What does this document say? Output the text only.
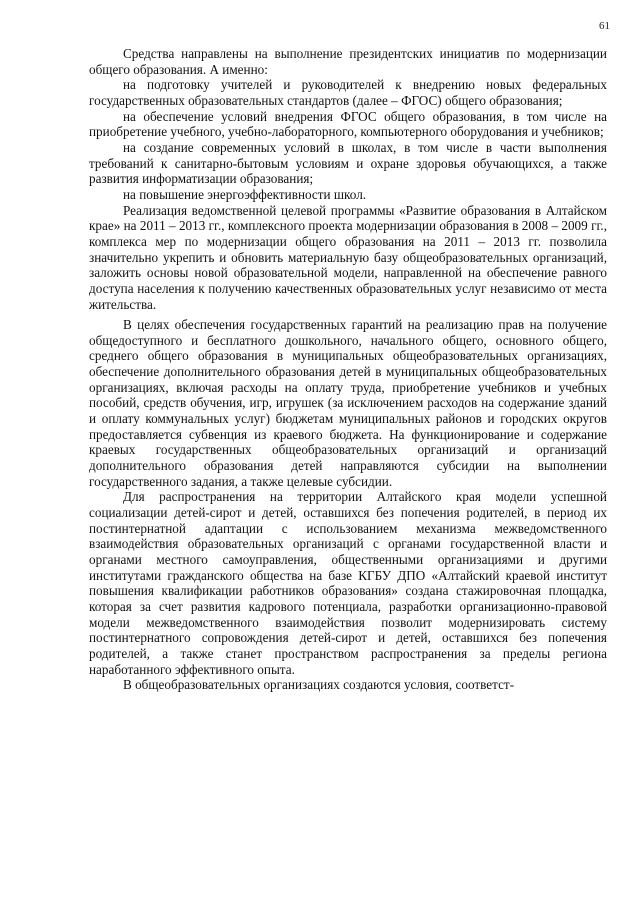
61

Средства направлены на выполнение президентских инициатив по модернизации общего образования. А именно:

на подготовку учителей и руководителей к внедрению новых федеральных государственных образовательных стандартов (далее – ФГОС) общего образования;

на обеспечение условий внедрения ФГОС общего образования, в том числе на приобретение учебного, учебно-лабораторного, компьютерного оборудования и учебников;

на создание современных условий в школах, в том числе в части выполнения требований к санитарно-бытовым условиям и охране здоровья обучающихся, а также развития информатизации образования;

на повышение энергоэффективности школ.

Реализация ведомственной целевой программы «Развитие образования в Алтайском крае» на 2011 – 2013 гг., комплексного проекта модернизации образования в 2008 – 2009 гг., комплекса мер по модернизации общего образования на 2011 – 2013 гг. позволила значительно укрепить и обновить материальную базу общеобразовательных организаций, заложить основы новой образовательной модели, направленной на обеспечение равного доступа населения к получению качественных образовательных услуг независимо от места жительства.

В целях обеспечения государственных гарантий на реализацию прав на получение общедоступного и бесплатного дошкольного, начального общего, основного общего, среднего общего образования в муниципальных общеобразовательных организациях, обеспечение дополнительного образования детей в муниципальных общеобразовательных организациях, включая расходы на оплату труда, приобретение учебников и учебных пособий, средств обучения, игр, игрушек (за исключением расходов на содержание зданий и оплату коммунальных услуг) бюджетам муниципальных районов и городских округов предоставляется субвенция из краевого бюджета. На функционирование и содержание краевых государственных общеобразовательных организаций и организаций дополнительного образования детей направляются субсидии на выполнении государственного задания, а также целевые субсидии.

Для распространения на территории Алтайского края модели успешной социализации детей-сирот и детей, оставшихся без попечения родителей, в период их постинтернатной адаптации с использованием механизма межведомственного взаимодействия образовательных организаций с органами государственной власти и органами местного самоуправления, общественными организациями и другими институтами гражданского общества на базе КГБУ ДПО «Алтайский краевой институт повышения квалификации работников образования» создана стажировочная площадка, которая за счет развития кадрового потенциала, разработки организационно-правовой модели межведомственного взаимодействия позволит модернизировать систему постинтернатного сопровождения детей-сирот и детей, оставшихся без попечения родителей, а также станет пространством распространения за пределы региона наработанного эффективного опыта.

В общеобразовательных организациях создаются условия, соответст-
